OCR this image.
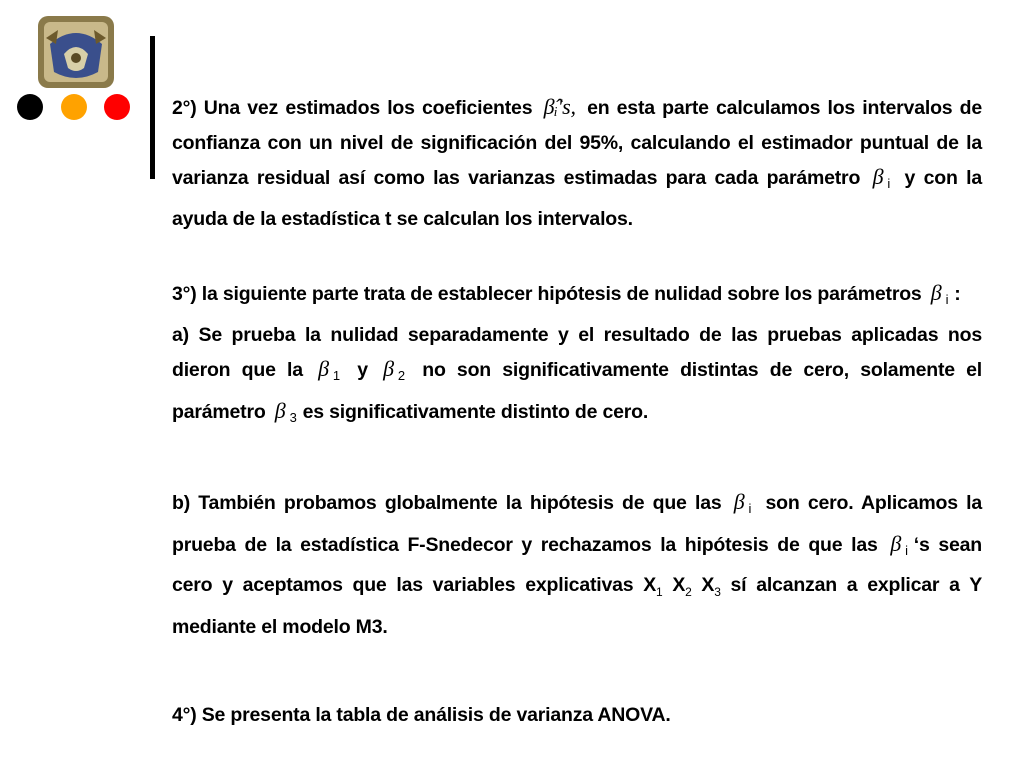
2°) Una vez estimados los coeficientes β̂ᵢ's, en esta parte calculamos los intervalos de confianza con un nivel de significación del 95%, calculando el estimador puntual de la varianza residual así como las varianzas estimadas para cada parámetro β $_i$ y con la ayuda de la estadística t se calculan los intervalos.

3°) la siguiente parte trata de establecer hipótesis de nulidad sobre los parámetros β $_i$ :

a) Se prueba la nulidad separadamente y el resultado de las pruebas aplicadas nos dieron que la β $_1$ y β $_2$ no son significativamente distintas de cero, solamente el parámetro β $_3$ es significativamente distinto de cero.

b) También probamos globalmente la hipótesis de que las β $_i$ son cero. Aplicamos la prueba de la estadística F-Snedecor y rechazamos la hipótesis de que las β $_i$ ‘s sean cero y aceptamos que las variables explicativas $X_1$ $X_2$ $X_3$ sí alcanzan a explicar a Y mediante el modelo M3.

4°) Se presenta la tabla de análisis de varianza ANOVA.
